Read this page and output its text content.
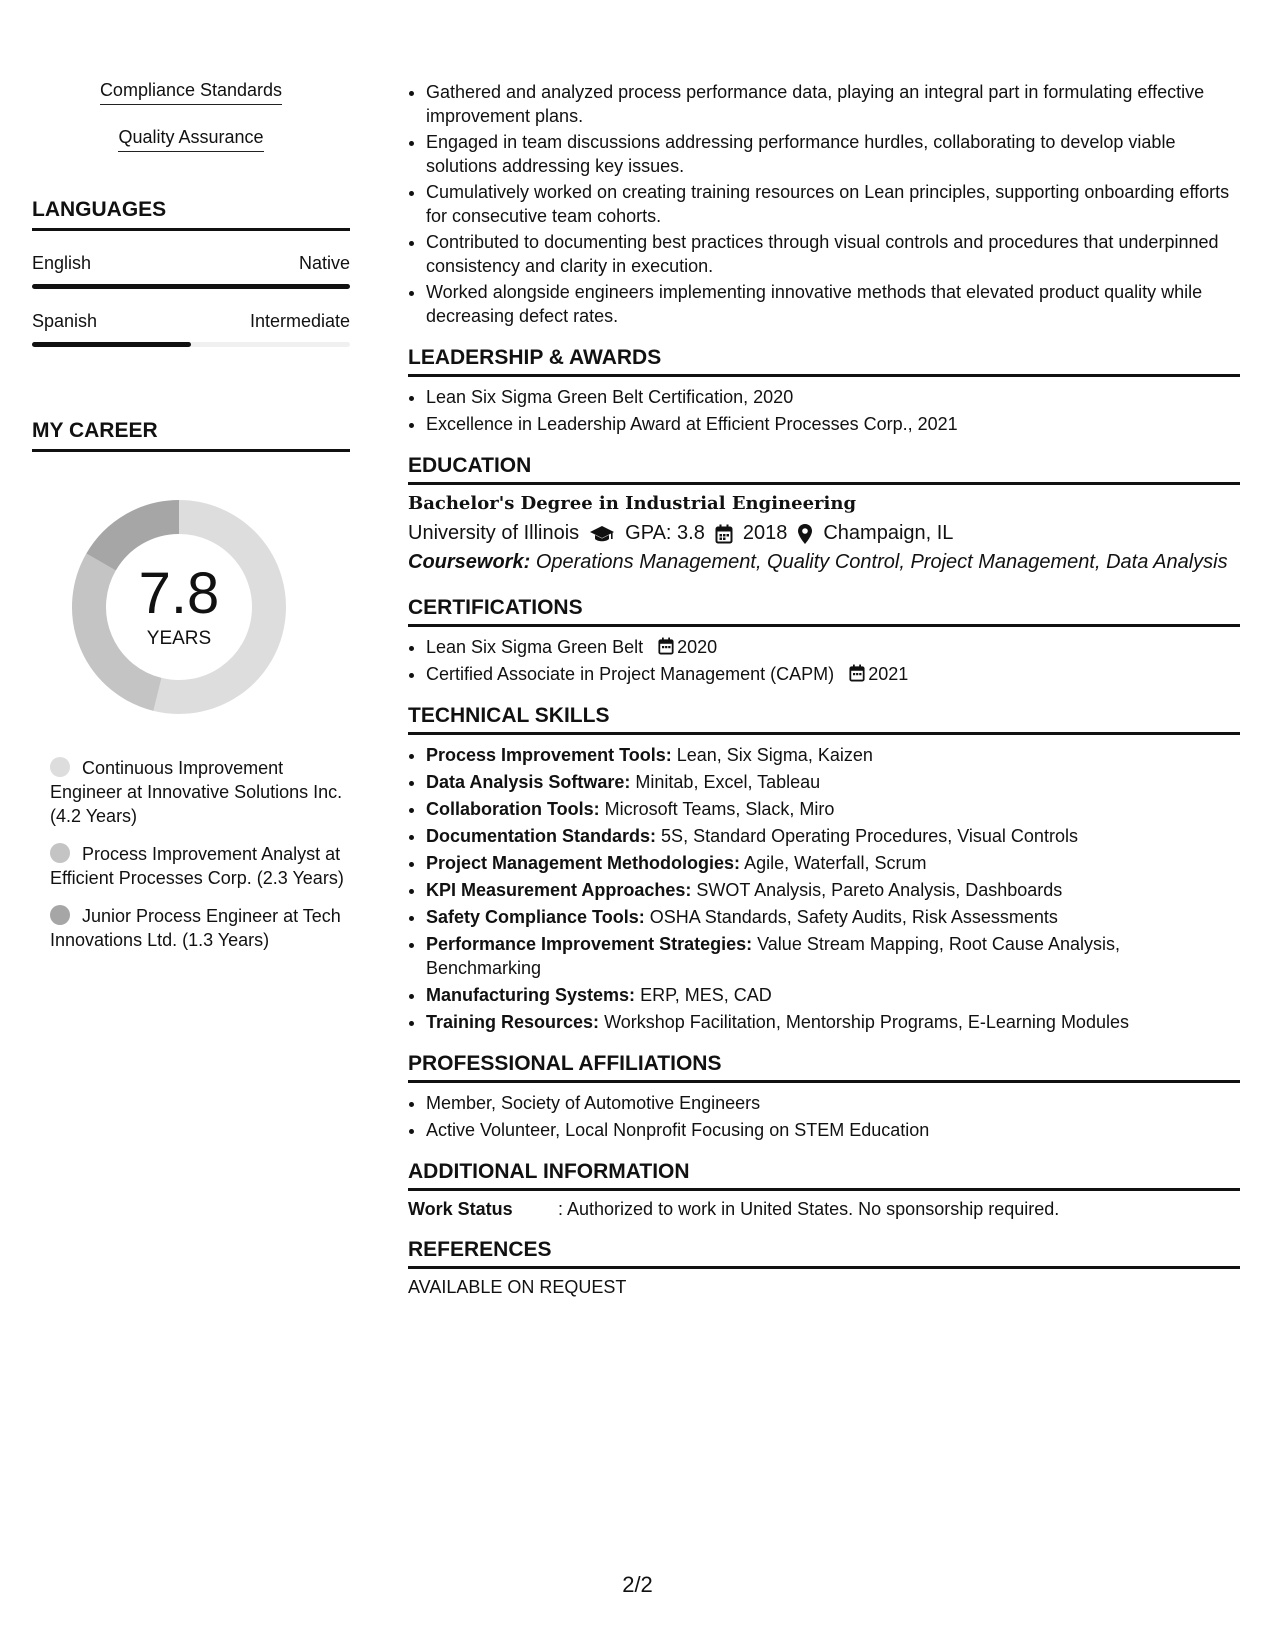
Compliance Standards
Quality Assurance
LANGUAGES
English	Native
Spanish	Intermediate
MY CAREER
7.8
YEARS
Continuous Improvement Engineer at Innovative Solutions Inc. (4.2 Years)
Process Improvement Analyst at Efficient Processes Corp. (2.3 Years)
Junior Process Engineer at Tech Innovations Ltd. (1.3 Years)
• Gathered and analyzed process performance data, playing an integral part in formulating effective improvement plans.
• Engaged in team discussions addressing performance hurdles, collaborating to develop viable solutions addressing key issues.
• Cumulatively worked on creating training resources on Lean principles, supporting onboarding efforts for consecutive team cohorts.
• Contributed to documenting best practices through visual controls and procedures that underpinned consistency and clarity in execution.
• Worked alongside engineers implementing innovative methods that elevated product quality while decreasing defect rates.
LEADERSHIP & AWARDS
• Lean Six Sigma Green Belt Certification, 2020
• Excellence in Leadership Award at Efficient Processes Corp., 2021
EDUCATION
Bachelor's Degree in Industrial Engineering
University of Illinois GPA: 3.8 2018 Champaign, IL
Coursework: Operations Management, Quality Control, Project Management, Data Analysis
CERTIFICATIONS
• Lean Six Sigma Green Belt 2020
• Certified Associate in Project Management (CAPM) 2021
TECHNICAL SKILLS
• Process Improvement Tools: Lean, Six Sigma, Kaizen
• Data Analysis Software: Minitab, Excel, Tableau
• Collaboration Tools: Microsoft Teams, Slack, Miro
• Documentation Standards: 5S, Standard Operating Procedures, Visual Controls
• Project Management Methodologies: Agile, Waterfall, Scrum
• KPI Measurement Approaches: SWOT Analysis, Pareto Analysis, Dashboards
• Safety Compliance Tools: OSHA Standards, Safety Audits, Risk Assessments
• Performance Improvement Strategies: Value Stream Mapping, Root Cause Analysis, Benchmarking
• Manufacturing Systems: ERP, MES, CAD
• Training Resources: Workshop Facilitation, Mentorship Programs, E-Learning Modules
PROFESSIONAL AFFILIATIONS
• Member, Society of Automotive Engineers
• Active Volunteer, Local Nonprofit Focusing on STEM Education
ADDITIONAL INFORMATION
Work Status	: Authorized to work in United States. No sponsorship required.
REFERENCES
AVAILABLE ON REQUEST
2/2
